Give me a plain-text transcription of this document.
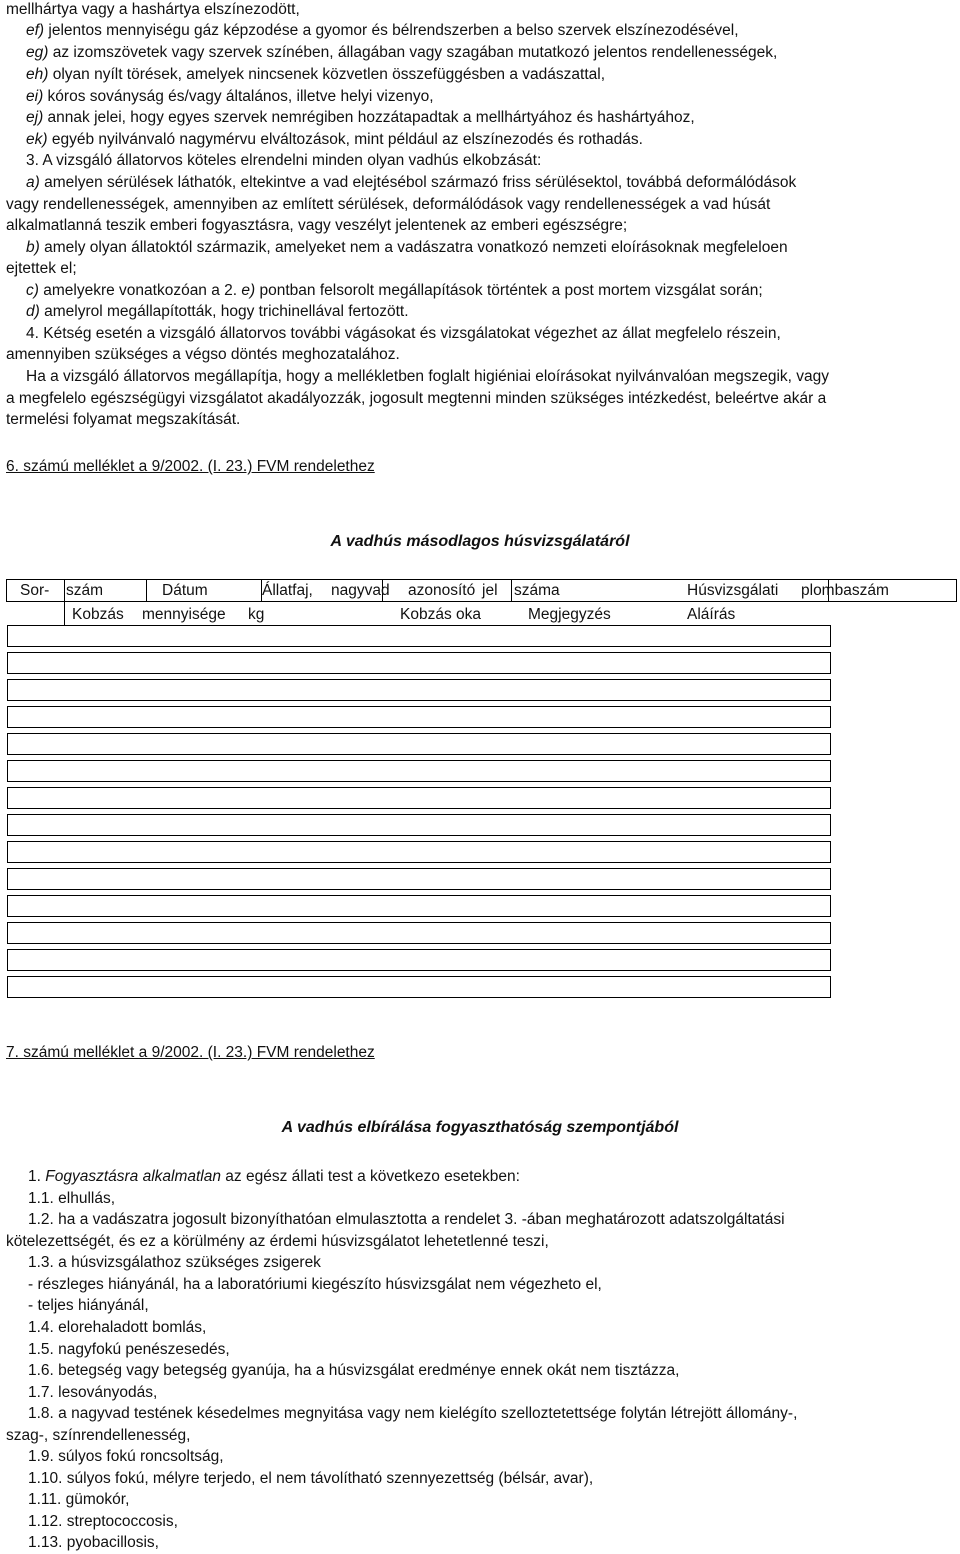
mellhártya vagy a hashártya elszínezodött,
ef) jelentos mennyiségu gáz képzodése a gyomor és bélrendszerben a belso szervek elszínezodésével,
eg) az izomszövetek vagy szervek színében, állagában vagy szagában mutatkozó jelentos rendellenességek,
eh) olyan nyílt törések, amelyek nincsenek közvetlen összefüggésben a vadászattal,
ei) kóros soványság és/vagy általános, illetve helyi vizenyo,
ej) annak jelei, hogy egyes szervek nemrégiben hozzátapadtak a mellhártyához és hashártyához,
ek) egyéb nyilvánvaló nagymérvu elváltozások, mint például az elszínezodés és rothadás.
3. A vizsgáló állatorvos köteles elrendelni minden olyan vadhús elkobzását:
a) amelyen sérülések láthatók, eltekintve a vad elejtésébol származó friss sérülésektol, továbbá deformálódások
vagy rendellenességek, amennyiben az említett sérülések, deformálódások vagy rendellenességek a vad húsát
alkalmatlanná teszik emberi fogyasztásra, vagy veszélyt jelentenek az emberi egészségre;
b) amely olyan állatoktól származik, amelyeket nem a vadászatra vonatkozó nemzeti eloírásoknak megfeleloen
ejtettek el;
c) amelyekre vonatkozóan a 2. e) pontban felsorolt megállapítások történtek a post mortem vizsgálat során;
d) amelyrol megállapították, hogy trichinellával fertozött.
4. Kétség esetén a vizsgáló állatorvos további vágásokat és vizsgálatokat végezhet az állat megfelelo részein,
amennyiben szükséges a végso döntés meghozatalához.
Ha a vizsgáló állatorvos megállapítja, hogy a mellékletben foglalt higiéniai eloírásokat nyilvánvalóan megszegik, vagy
a megfelelo egészségügyi vizsgálatot akadályozzák, jogosult megtenni minden szükséges intézkedést, beleértve akár a
termelési folyamat megszakítását.
6. számú melléklet a 9/2002. (I. 23.) FVM rendelethez
A vadhús másodlagos húsvizsgálatáról
Sor- szám	Dátum	Állatfaj, nagyvad azonosító jel száma	Húsvizsgálati plombaszám
Kobzás mennyisége kg	Kobzás oka	Megjegyzés	Aláírás
7. számú melléklet a 9/2002. (I. 23.) FVM rendelethez
A vadhús elbírálása fogyaszthatóság szempontjából
1. Fogyasztásra alkalmatlan az egész állati test a következo esetekben:
1.1. elhullás,
1.2. ha a vadászatra jogosult bizonyíthatóan elmulasztotta a rendelet 3. -ában meghatározott adatszolgáltatási
kötelezettségét, és ez a körülmény az érdemi húsvizsgálatot lehetetlenné teszi,
1.3. a húsvizsgálathoz szükséges zsigerek
- részleges hiányánál, ha a laboratóriumi kiegészíto húsvizsgálat nem végezheto el,
- teljes hiányánál,
1.4. elorehaladott bomlás,
1.5. nagyfokú penészesedés,
1.6. betegség vagy betegség gyanúja, ha a húsvizsgálat eredménye ennek okát nem tisztázza,
1.7. lesoványodás,
1.8. a nagyvad testének késedelmes megnyitása vagy nem kielégíto szelloztetettsége folytán létrejött állomány-,
szag-, színrendellenesség,
1.9. súlyos fokú roncsoltság,
1.10. súlyos fokú, mélyre terjedo, el nem távolítható szennyezettség (bélsár, avar),
1.11. gümokór,
1.12. streptococcosis,
1.13. pyobacillosis,
